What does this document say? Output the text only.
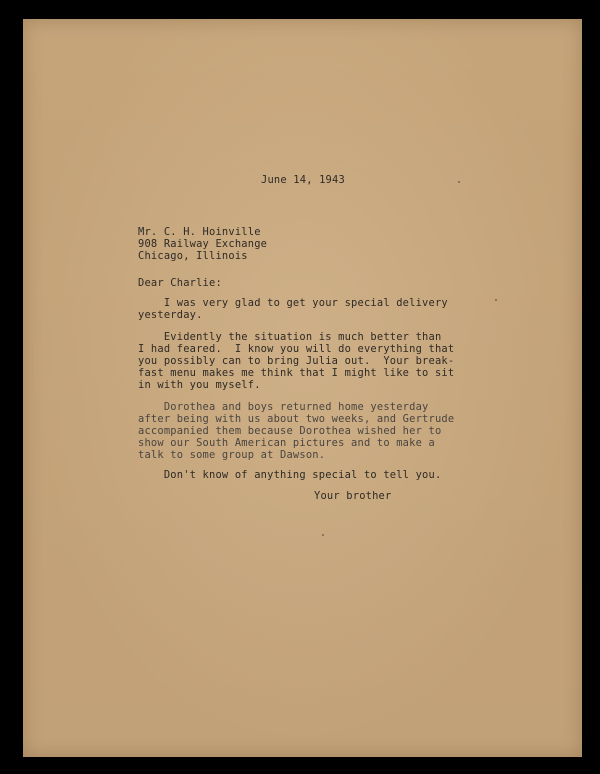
June 14, 1943
Mr. C. H. Hoinville
908 Railway Exchange
Chicago, Illinois
Dear Charlie:
I was very glad to get your special delivery
yesterday.
Evidently the situation is much better than
I had feared.  I know you will do everything that
you possibly can to bring Julia out.  Your break-
fast menu makes me think that I might like to sit
in with you myself.
Dorothea and boys returned home yesterday
after being with us about two weeks, and Gertrude
accompanied them because Dorothea wished her to
show our South American pictures and to make a
talk to some group at Dawson.
Don't know of anything special to tell you.
Your brother
